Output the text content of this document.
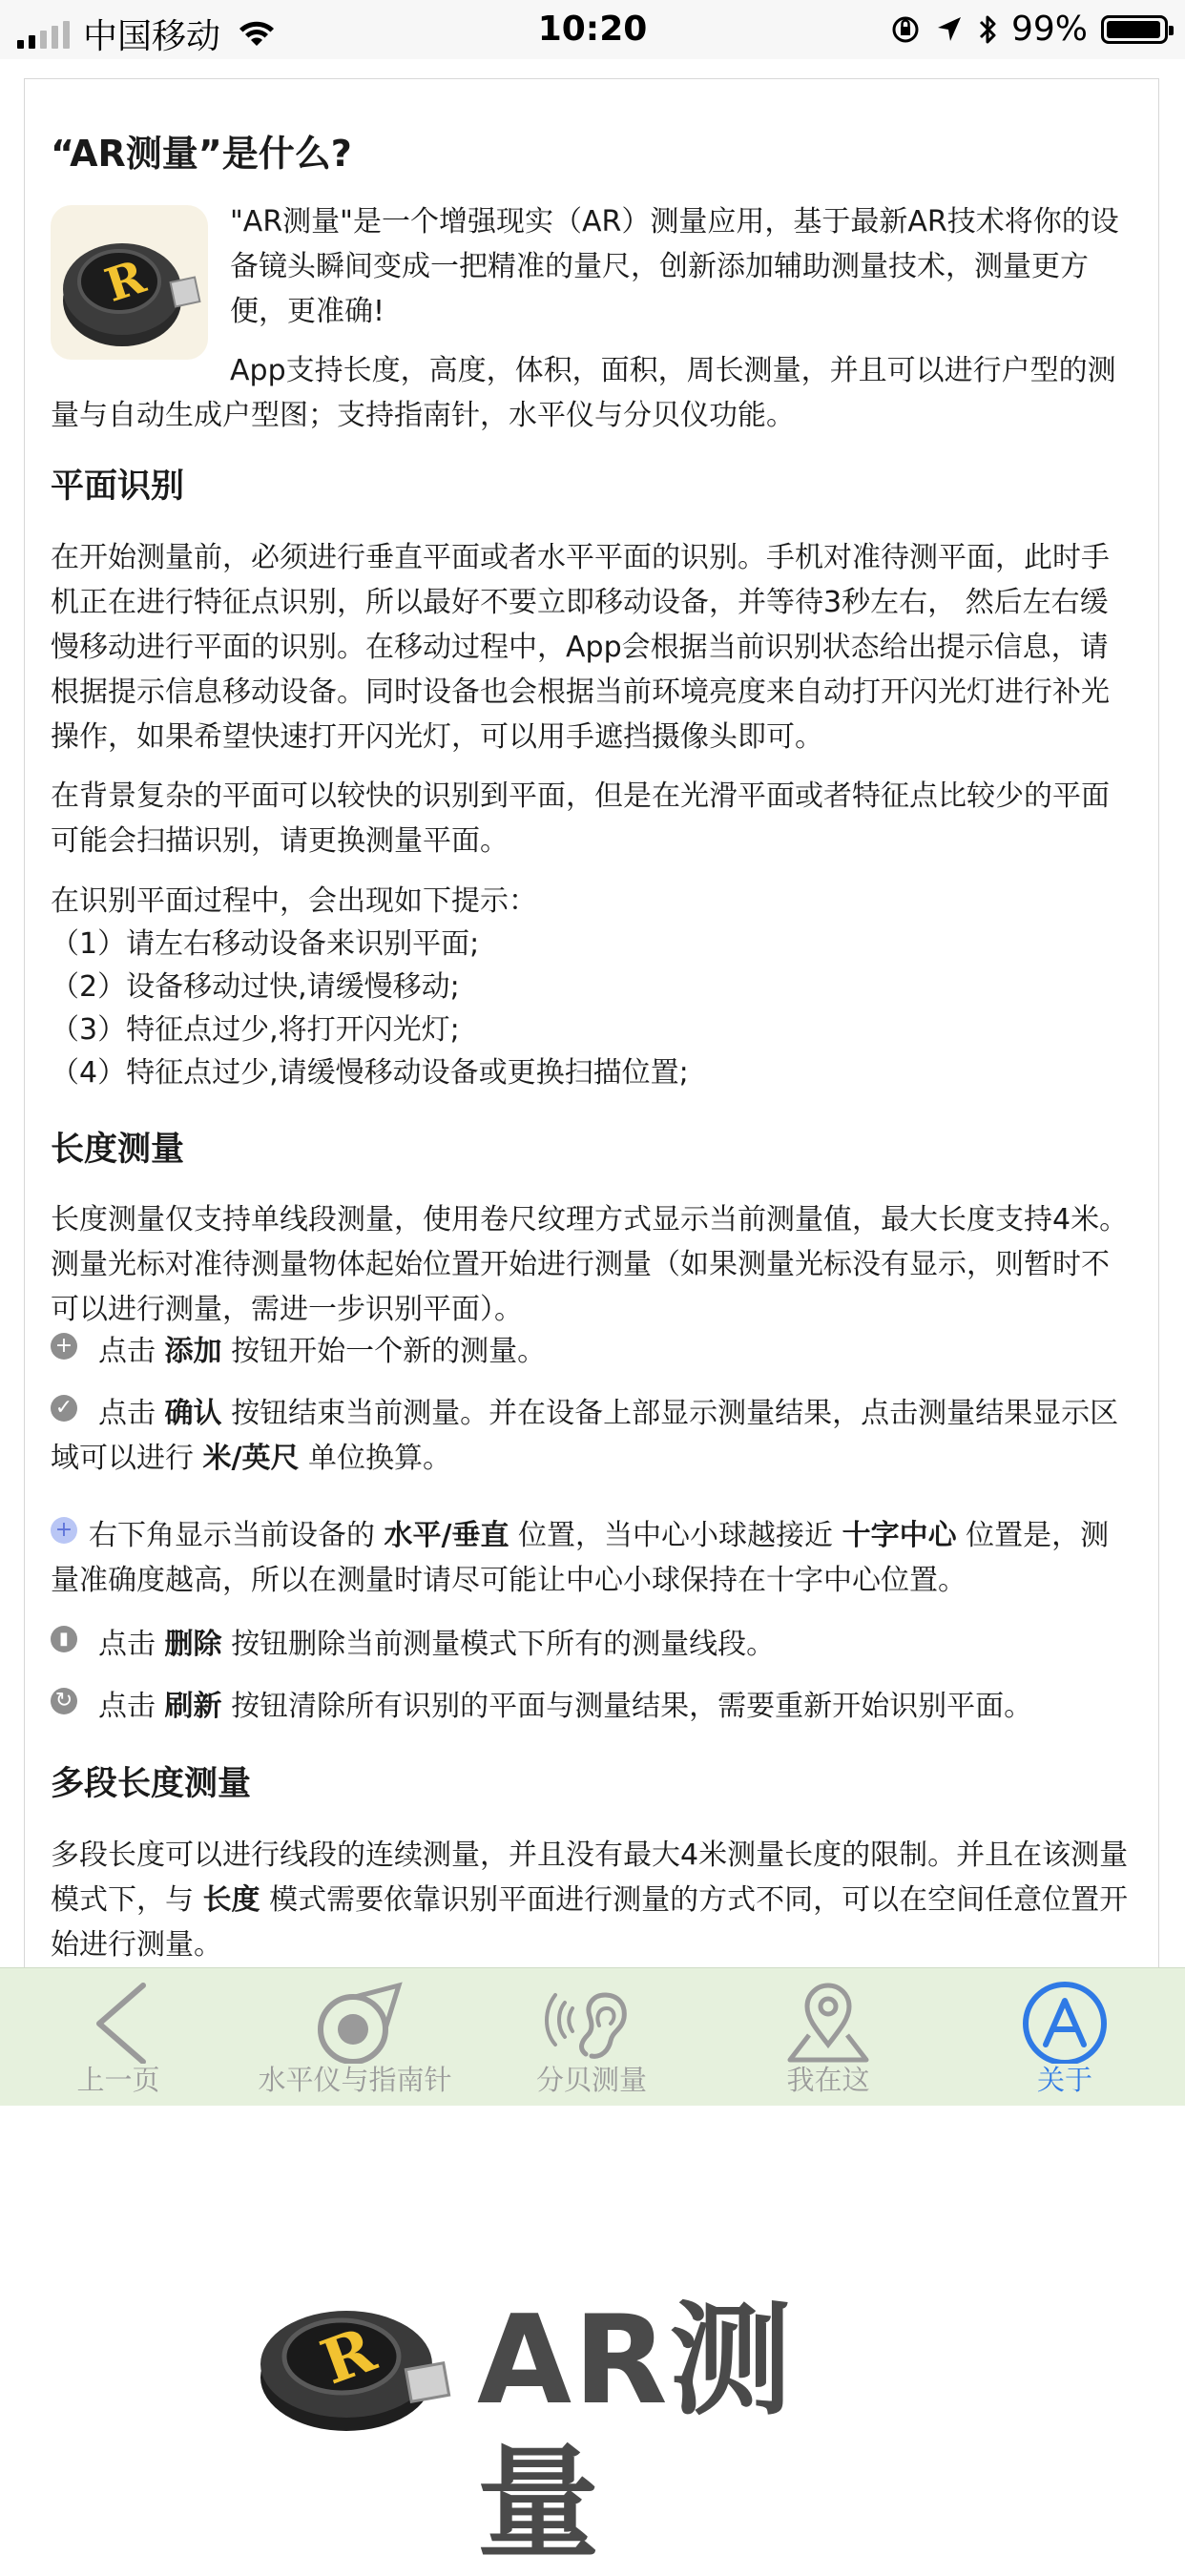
中国移动	10:20	99%
“AR测量”是什么?
R

"AR测量"是一个增强现实（AR）测量应用，基于最新AR技术将你的设备镜头瞬间变成一把精准的量尺，创新添加辅助测量技术，测量更方便，更准确!

App支持长度，高度，体积，面积，周长测量，并且可以进行户型的测量与自动生成户型图；支持指南针，水平仪与分贝仪功能。

平面识别

在开始测量前，必须进行垂直平面或者水平平面的识别。手机对准待测平面，此时手机正在进行特征点识别，所以最好不要立即移动设备，并等待3秒左右， 然后左右缓慢移动进行平面的识别。在移动过程中，App会根据当前识别状态给出提示信息，请根据提示信息移动设备。同时设备也会根据当前环境亮度来自动打开闪光灯进行补光操作，如果希望快速打开闪光灯，可以用手遮挡摄像头即可。

在背景复杂的平面可以较快的识别到平面，但是在光滑平面或者特征点比较少的平面可能会扫描识别，请更换测量平面。

在识别平面过程中，会出现如下提示：

（1）请左右移动设备来识别平面;

（2）设备移动过快,请缓慢移动;

（3）特征点过少,将打开闪光灯;

（4）特征点过少,请缓慢移动设备或更换扫描位置;

长度测量

长度测量仅支持单线段测量，使用卷尺纹理方式显示当前测量值，最大长度支持4米。测量光标对准待测量物体起始位置开始进行测量（如果测量光标没有显示，则暂时不可以进行测量，需进一步识别平面）。

+ 点击 添加 按钮开始一个新的测量。
✓ 点击 确认 按钮结束当前测量。并在设备上部显示测量结果，点击测量结果显示区域可以进行 米/英尺 单位换算。
+ 右下角显示当前设备的 水平/垂直 位置，当中心小球越接近 十字中心 位置是，测量准确度越高，所以在测量时请尽可能让中心小球保持在十字中心位置。
▮ 点击 删除 按钮删除当前测量模式下所有的测量线段。
↻ 点击 刷新 按钮清除所有识别的平面与测量结果，需要重新开始识别平面。
多段长度测量

多段长度可以进行线段的连续测量，并且没有最大4米测量长度的限制。并且在该测量模式下，与 长度 模式需要依靠识别平面进行测量的方式不同，可以在空间任意位置开始进行测量。

上一页	水平仪与指南针	分贝测量	我在这	关于
R AR测量
